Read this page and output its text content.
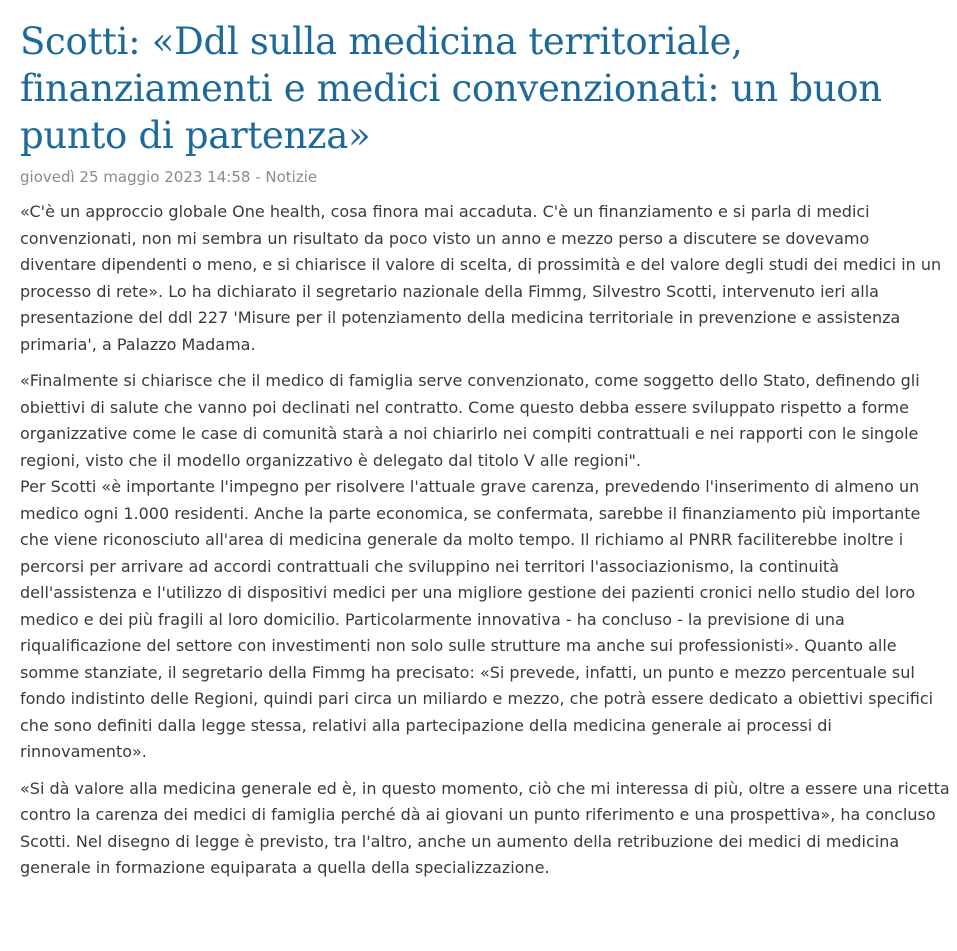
Scotti: «Ddl sulla medicina territoriale, finanziamenti e medici convenzionati: un buon punto di partenza»
giovedì 25 maggio 2023 14:58 - Notizie

«C'è un approccio globale One health, cosa finora mai accaduta. C'è un finanziamento e si parla di medici convenzionati, non mi sembra un risultato da poco visto un anno e mezzo perso a discutere se dovevamo diventare dipendenti o meno, e si chiarisce il valore di scelta, di prossimità e del valore degli studi dei medici in un processo di rete». Lo ha dichiarato il segretario nazionale della Fimmg, Silvestro Scotti, intervenuto ieri alla presentazione del ddl 227 'Misure per il potenziamento della medicina territoriale in prevenzione e assistenza primaria', a Palazzo Madama.

«Finalmente si chiarisce che il medico di famiglia serve convenzionato, come soggetto dello Stato, definendo gli obiettivi di salute che vanno poi declinati nel contratto. Come questo debba essere sviluppato rispetto a forme organizzative come le case di comunità starà a noi chiarirlo nei compiti contrattuali e nei rapporti con le singole regioni, visto che il modello organizzativo è delegato dal titolo V alle regioni".

Per Scotti «è importante l'impegno per risolvere l'attuale grave carenza, prevedendo l'inserimento di almeno un medico ogni 1.000 residenti. Anche la parte economica, se confermata, sarebbe il finanziamento più importante che viene riconosciuto all'area di medicina generale da molto tempo. Il richiamo al PNRR faciliterebbe inoltre i percorsi per arrivare ad accordi contrattuali che sviluppino nei territori l'associazionismo, la continuità dell'assistenza e l'utilizzo di dispositivi medici per una migliore gestione dei pazienti cronici nello studio del loro medico e dei più fragili al loro domicilio. Particolarmente innovativa - ha concluso - la previsione di una riqualificazione del settore con investimenti non solo sulle strutture ma anche sui professionisti». Quanto alle somme stanziate, il segretario della Fimmg ha precisato: «Si prevede, infatti, un punto e mezzo percentuale sul fondo indistinto delle Regioni, quindi pari circa un miliardo e mezzo, che potrà essere dedicato a obiettivi specifici che sono definiti dalla legge stessa, relativi alla partecipazione della medicina generale ai processi di rinnovamento».

«Si dà valore alla medicina generale ed è, in questo momento, ciò che mi interessa di più, oltre a essere una ricetta contro la carenza dei medici di famiglia perché dà ai giovani un punto riferimento e una prospettiva», ha concluso Scotti. Nel disegno di legge è previsto, tra l'altro, anche un aumento della retribuzione dei medici di medicina generale in formazione equiparata a quella della specializzazione.
